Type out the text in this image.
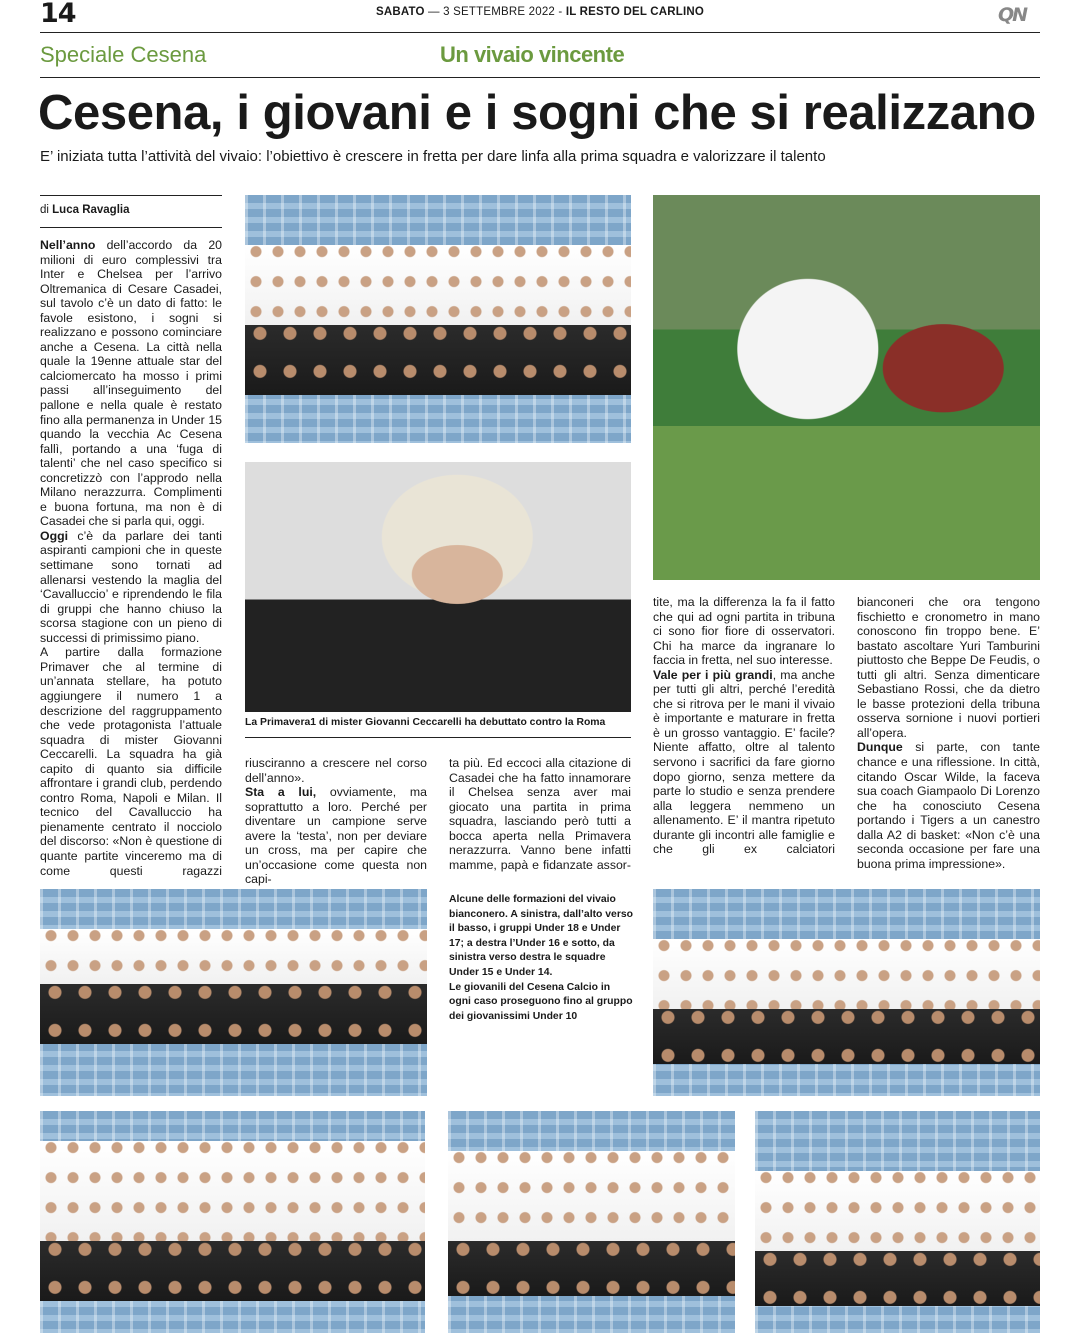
14	SABATO — 3 SETTEMBRE 2022 - IL RESTO DEL CARLINO	QN
Speciale Cesena	Un vivaio vincente
Cesena, i giovani e i sogni che si realizzano
E’ iniziata tutta l’attività del vivaio: l’obiettivo è crescere in fretta per dare linfa alla prima squadra e valorizzare il talento
di Luca Ravaglia

Nell’anno dell’accordo da 20 milioni di euro complessivi tra Inter e Chelsea per l’arrivo Oltremanica di Cesare Casadei, sul tavolo c’è un dato di fatto: le favole esistono, i sogni si realizzano e possono cominciare anche a Cesena. La città nella quale la 19enne attuale star del calciomercato ha mosso i primi passi all’inseguimento del pallone e nella quale è restato fino alla permanenza in Under 15 quando la vecchia Ac Cesena fallì, portando a una ‘fuga di talenti’ che nel caso specifico si concretizzò con l’approdo nella Milano nerazzurra. Complimenti e buona fortuna, ma non è di Casadei che si parla qui, oggi.

Oggi c’è da parlare dei tanti aspiranti campioni che in queste settimane sono tornati ad allenarsi vestendo la maglia del ‘Cavalluccio’ e riprendendo le fila di gruppi che hanno chiuso la scorsa stagione con un pieno di successi di primissimo piano.

A partire dalla formazione Primaver che al termine di un’annata stellare, ha potuto aggiungere il numero 1 a descrizione del raggruppamento che vede protagonista l’attuale squadra di mister Giovanni Ceccarelli. La squadra ha già capito di quanto sia difficile affrontare i grandi club, perdendo contro Roma, Napoli e Milan. Il tecnico del Cavalluccio ha pienamente centrato il nocciolo del discorso: «Non è questione di quante partite vinceremo ma di come questi ragazzi

La Primavera1 di mister Giovanni Ceccarelli ha debuttato contro la Roma

riusciranno a crescere nel corso dell’anno».

Sta a lui, ovviamente, ma soprattutto a loro. Perché per diventare un campione serve avere la ‘testa’, non per deviare un cross, ma per capire che un’occasione come questa non capi-

ta più. Ed eccoci alla citazione di Casadei che ha fatto innamorare il Chelsea senza aver mai giocato una partita in prima squadra, lasciando però tutti a bocca aperta nella Primavera nerazzurra. Vanno bene infatti mamme, papà e fidanzate assor-

tite, ma la differenza la fa il fatto che qui ad ogni partita in tribuna ci sono fior fiore di osservatori. Chi ha marce da ingranare lo faccia in fretta, nel suo interesse.

Vale per i più grandi, ma anche per tutti gli altri, perché l’eredità che si ritrova per le mani il vivaio è importante e maturare in fretta è un grosso vantaggio. E’ facile? Niente affatto, oltre al talento servono i sacrifici da fare giorno dopo giorno, senza mettere da parte lo studio e senza prendere alla leggera nemmeno un allenamento. E’ il mantra ripetuto durante gli incontri alle famiglie e che gli ex calciatori

bianconeri che ora tengono fischietto e cronometro in mano conoscono fin troppo bene. E’ bastato ascoltare Yuri Tamburini piuttosto che Beppe De Feudis, o tutti gli altri. Senza dimenticare Sebastiano Rossi, che da dietro le basse protezioni della tribuna osserva sornione i nuovi portieri all’opera.

Dunque si parte, con tante chance e una riflessione. In città, citando Oscar Wilde, la faceva sua coach Giampaolo Di Lorenzo che ha conosciuto Cesena portando i Tigers a un canestro dalla A2 di basket: «Non c’è una seconda occasione per fare una buona prima impressione».

Alcune delle formazioni del vivaio bianconero. A sinistra, dall’alto verso il basso, i gruppi Under 18 e Under 17; a destra l’Under 16 e sotto, da sinistra verso destra le squadre Under 15 e Under 14.
Le giovanili del Cesena Calcio in ogni caso proseguono fino al gruppo dei giovanissimi Under 10
